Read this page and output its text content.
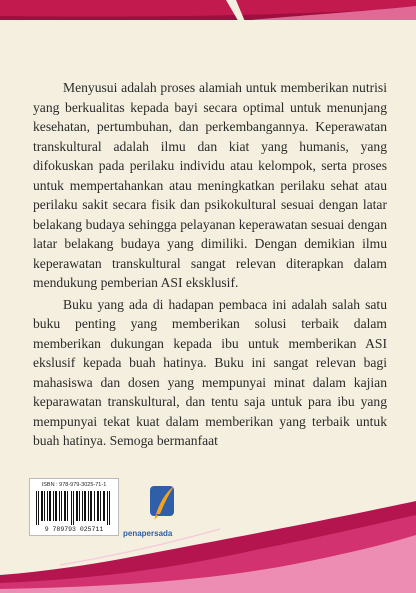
Menyusui adalah proses alamiah untuk memberikan nutrisi yang berkualitas kepada bayi secara optimal untuk menunjang kesehatan, pertumbuhan, dan perkembangannya. Keperawatan transkultural adalah ilmu dan kiat yang humanis, yang difokuskan pada perilaku individu atau kelompok, serta proses untuk mempertahankan atau meningkatkan perilaku sehat atau perilaku sakit secara fisik dan psikokultural sesuai dengan latar belakang budaya sehingga pelayanan keperawatan sesuai dengan latar belakang budaya yang dimiliki. Dengan demikian ilmu keperawatan transkultural sangat relevan diterapkan dalam mendukung pemberian ASI eksklusif.

Buku yang ada di hadapan pembaca ini adalah salah satu buku penting yang memberikan solusi terbaik dalam memberikan dukungan kepada ibu untuk memberikan ASI ekslusif kepada buah hatinya. Buku ini sangat relevan bagi mahasiswa dan dosen yang mempunyai minat dalam kajian keparawatan transkultural, dan tentu saja untuk para ibu yang mempunyai tekat kuat dalam memberikan yang terbaik untuk buah hatinya. Semoga bermanfaat

ISBN : 978-979-3025-71-1
9 789793 025711	penapersada
